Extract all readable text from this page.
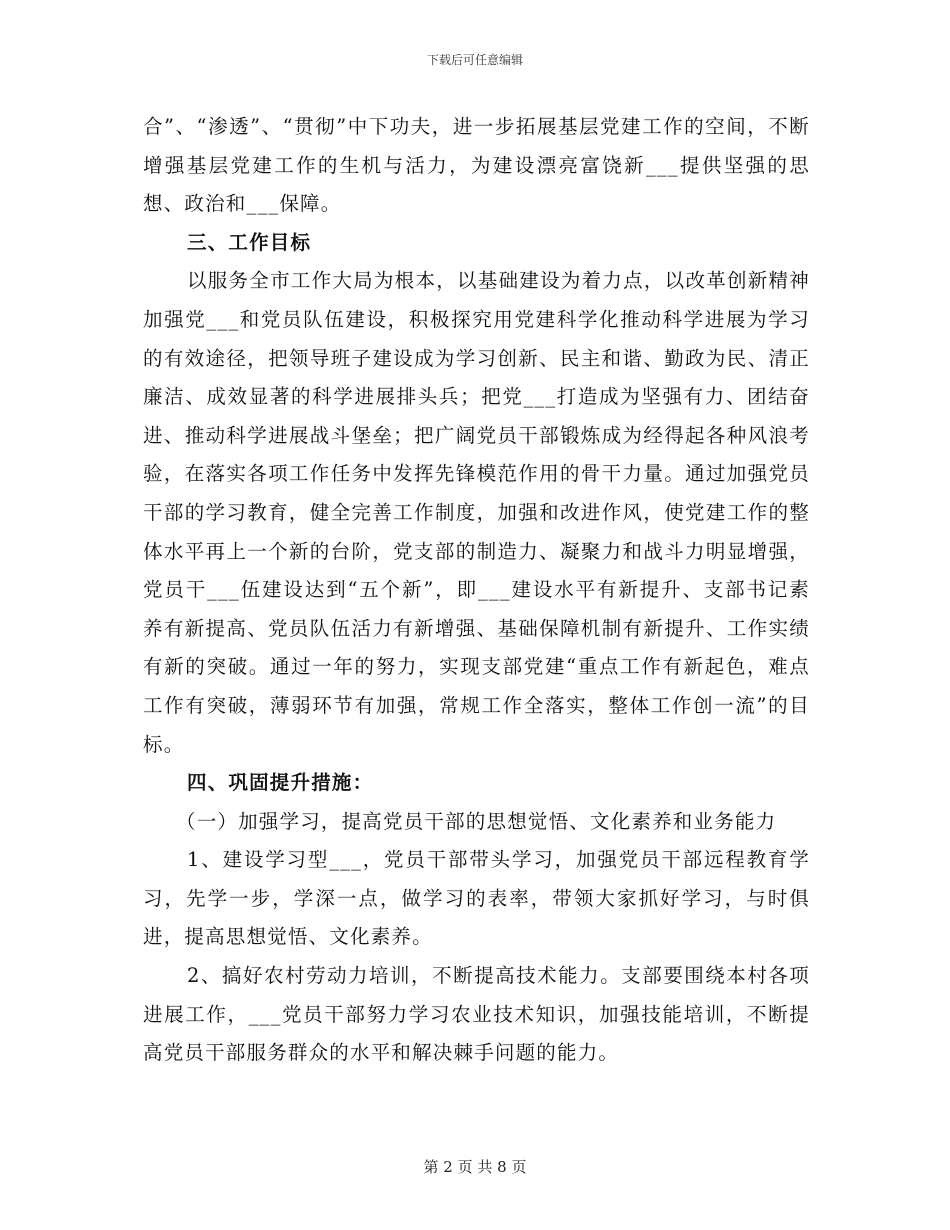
下载后可任意编辑

合”、“渗透”、“贯彻”中下功夫，进一步拓展基层党建工作的空间，不断增强基层党建工作的生机与活力，为建设漂亮富饶新___提供坚强的思想、政治和___保障。

三、工作目标

以服务全市工作大局为根本，以基础建设为着力点，以改革创新精神加强党___和党员队伍建设，积极探究用党建科学化推动科学进展为学习的有效途径，把领导班子建设成为学习创新、民主和谐、勤政为民、清正廉洁、成效显著的科学进展排头兵；把党___打造成为坚强有力、团结奋进、推动科学进展战斗堡垒；把广阔党员干部锻炼成为经得起各种风浪考验，在落实各项工作任务中发挥先锋模范作用的骨干力量。通过加强党员干部的学习教育，健全完善工作制度，加强和改进作风，使党建工作的整体水平再上一个新的台阶，党支部的制造力、凝聚力和战斗力明显增强，党员干___伍建设达到“五个新”，即___建设水平有新提升、支部书记素养有新提高、党员队伍活力有新增强、基础保障机制有新提升、工作实绩有新的突破。通过一年的努力，实现支部党建“重点工作有新起色，难点工作有突破，薄弱环节有加强，常规工作全落实，整体工作创一流”的目标。

四、巩固提升措施：

（一）加强学习，提高党员干部的思想觉悟、文化素养和业务能力

1、建设学习型___，党员干部带头学习，加强党员干部远程教育学习，先学一步，学深一点，做学习的表率，带领大家抓好学习，与时俱进，提高思想觉悟、文化素养。

2、搞好农村劳动力培训，不断提高技术能力。支部要围绕本村各项进展工作，___党员干部努力学习农业技术知识，加强技能培训，不断提高党员干部服务群众的水平和解决棘手问题的能力。

第 2 页 共 8 页
